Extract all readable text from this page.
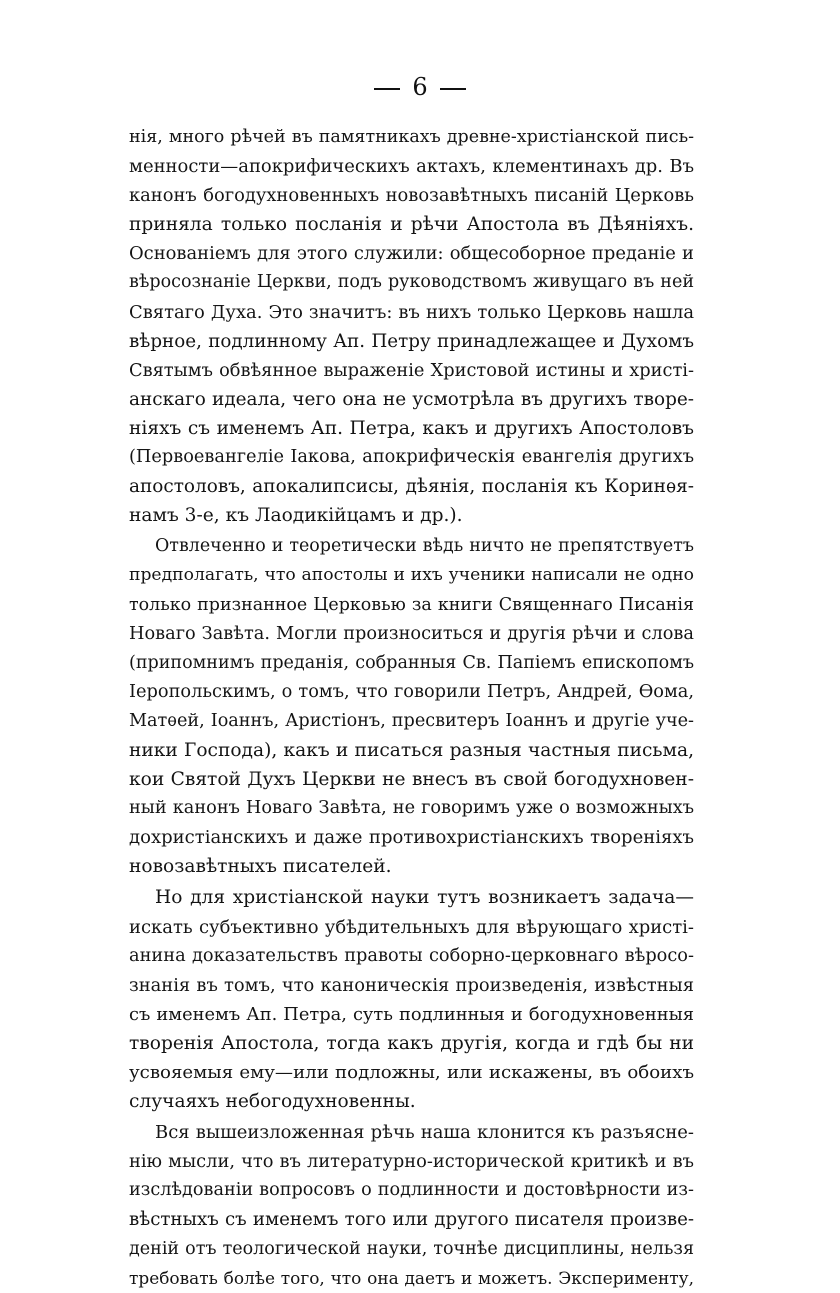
6
нія, много рѣчей въ памятникахъ древне-христіанской пись-
менности—апокрифическихъ актахъ, клементинахъ др. Въ
канонъ богодухновенныхъ новозавѣтныхъ писаній Церковь
приняла только посланія и рѣчи Апостола въ Дѣяніяхъ.
Основаніемъ для этого служили: общесоборное преданіе и
вѣросознаніе Церкви, подъ руководствомъ живущаго въ ней
Святаго Духа. Это значитъ: въ нихъ только Церковь нашла
вѣрное, подлинному Ап. Петру принадлежащее и Духомъ
Святымъ обвѣянное выраженіе Христовой истины и христі-
анскаго идеала, чего она не усмотрѣла въ другихъ творе-
ніяхъ съ именемъ Ап. Петра, какъ и другихъ Апостоловъ
(Первоевангеліе Іакова, апокрифическія евангелія другихъ
апостоловъ, апокалипсисы, дѣянія, посланія къ Коринѳя-
намъ 3-е, къ Лаодикійцамъ и др.).
Отвлеченно и теоретически вѣдь ничто не препятствуетъ
предполагать, что апостолы и ихъ ученики написали не одно
только признанное Церковью за книги Священнаго Писанія
Новаго Завѣта. Могли произноситься и другія рѣчи и слова
(припомнимъ преданія, собранныя Св. Папіемъ епископомъ
Іеропольскимъ, о томъ, что говорили Петръ, Андрей, Ѳома,
Матѳей, Іоаннъ, Аристіонъ, пресвитеръ Іоаннъ и другіе уче-
ники Господа), какъ и писаться разныя частныя письма,
кои Святой Духъ Церкви не внесъ въ свой богодухновен-
ный канонъ Новаго Завѣта, не говоримъ уже о возможныхъ
дохристіанскихъ и даже противохристіанскихъ твореніяхъ
новозавѣтныхъ писателей.
Но для христіанской науки тутъ возникаетъ задача—
искать субъективно убѣдительныхъ для вѣрующаго христі-
анина доказательствъ правоты соборно-церковнаго вѣросо-
знанія въ томъ, что каноническія произведенія, извѣстныя
съ именемъ Ап. Петра, суть подлинныя и богодухновенныя
творенія Апостола, тогда какъ другія, когда и гдѣ бы ни
усвояемыя ему—или подложны, или искажены, въ обоихъ
случаяхъ небогодухновенны.
Вся вышеизложенная рѣчь наша клонится къ разъясне-
нію мысли, что въ литературно-исторической критикѣ и въ
изслѣдованіи вопросовъ о подлинности и достовѣрности из-
вѣстныхъ съ именемъ того или другого писателя произве-
деній отъ теологической науки, точнѣе дисциплины, нельзя
требовать болѣе того, что она даетъ и можетъ. Эксперименту,
